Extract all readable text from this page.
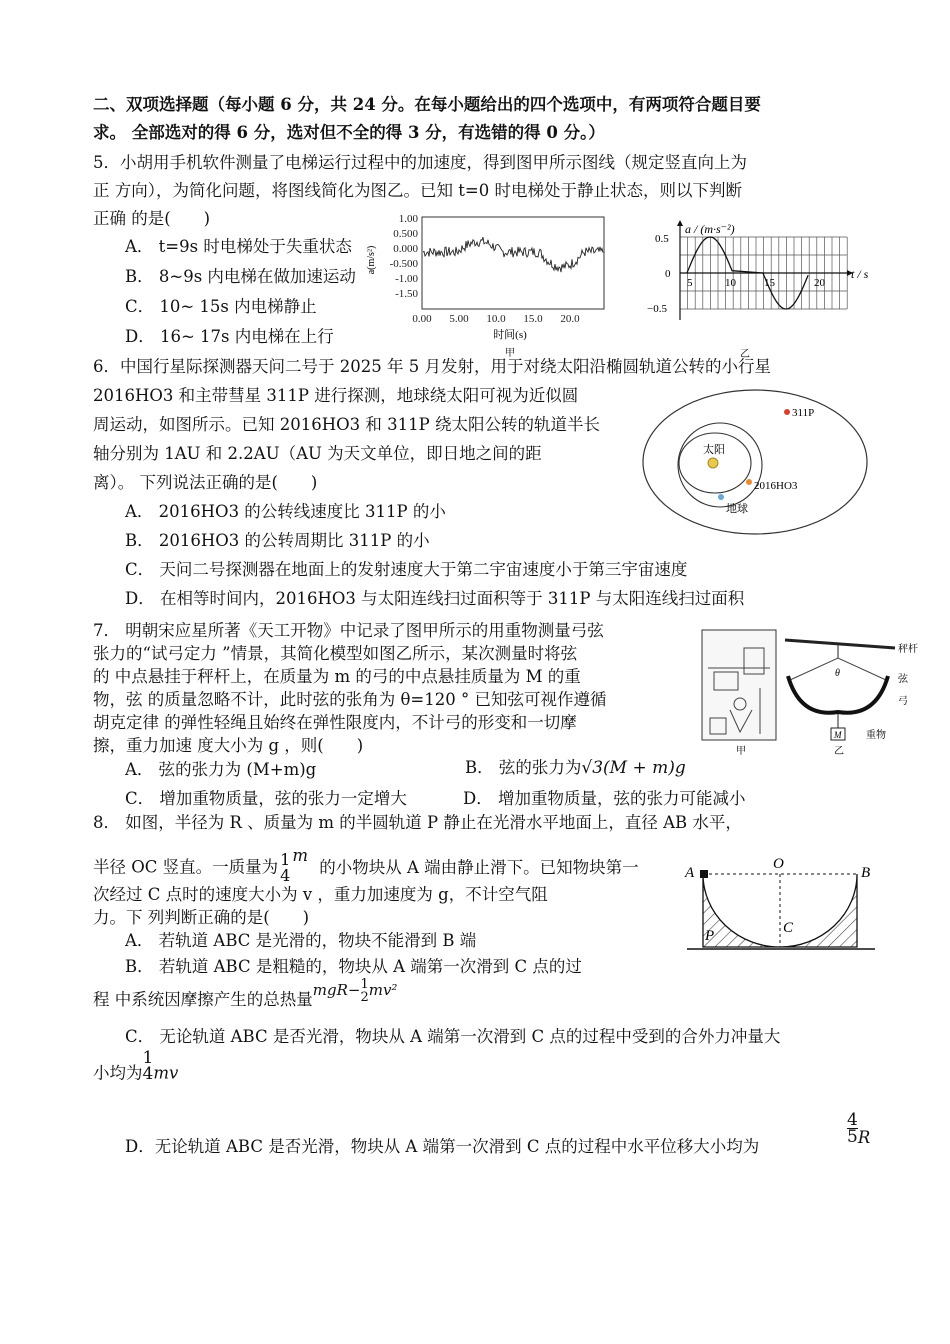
二、双项选择题（每小题 6 分，共 24 分。在每小题给出的四个选项中，有两项符合题目要
求。 全部选对的得 6 分，选对但不全的得 3 分，有选错的得 0 分。）
5．小胡用手机软件测量了电梯运行过程中的加速度，得到图甲所示图线（规定竖直向上为
正 方向），为简化问题，将图线简化为图乙。已知 t=0 时电梯处于静止状态，则以下判断
正确 的是(　　)
A． t=9s 时电梯处于失重状态
B． 8~9s 内电梯在做加速运动
C． 10~ 15s 内电梯静止
D． 16~ 17s 内电梯在上行
1.00
0.500
0.000
-0.500
-1.00
-1.50
0.00 5.00 10.0 15.0 20.0
a(m/s²)
时间(s)
甲
a / (m·s⁻²)
0.5
0
−0.5
5	10	15	20
t / s
乙
6．中国行星际探测器天问二号于 2025 年 5 月发射，用于对绕太阳沿椭圆轨道公转的小行星
2016HO3 和主带彗星 311P 进行探测，地球绕太阳可视为近似圆
周运动，如图所示。已知 2016HO3 和 311P 绕太阳公转的轨道半长
轴分别为 1AU 和 2.2AU（AU 为天文单位，即日地之间的距
离）。 下列说法正确的是(　　)
A． 2016HO3 的公转线速度比 311P 的小
B． 2016HO3 的公转周期比 311P 的小
C． 天问二号探测器在地面上的发射速度大于第二宇宙速度小于第三宇宙速度
D． 在相等时间内，2016HO3 与太阳连线扫过面积等于 311P 与太阳连线扫过面积
太阳
311P
2016HO3
地球
7． 明朝宋应星所著《天工开物》中记录了图甲所示的用重物测量弓弦
张力的“试弓定力 ”情景，其简化模型如图乙所示，某次测量时将弦
的 中点悬挂于秤杆上，在质量为 m 的弓的中点悬挂质量为 M 的重
物，弦 的质量忽略不计，此时弦的张角为 θ=120 ° 已知弦可视作遵循
胡克定律 的弹性轻绳且始终在弹性限度内，不计弓的形变和一切摩
擦，重力加速 度大小为 g ，则(　　)
A． 弦的张力为 (M+m)g	B． 弦的张力为√3(M + m)g
C． 增加重物质量，弦的张力一定增大	D． 增加重物质量，弦的张力可能减小
甲
秤杆
θ
弦
弓
M 重物
乙
8． 如图，半径为 R 、质量为 m 的半圆轨道 P 静止在光滑水平地面上，直径 AB 水平，
半径 OC 竖直。一质量为 1
4
m 的小物块从 A 端由静止滑下。已知物块第一
次经过 C 点时的速度大小为 v ，重力加速度为 g，不计空气阻
力。下 列判断正确的是(　　)
A． 若轨道 ABC 是光滑的，物块不能滑到 B 端
B． 若轨道 ABC 是粗糙的，物块从 A 端第一次滑到 C 点的过
程 中系统因摩擦产生的总热量mgR− 1
2 mv²
C． 无论轨道 ABC 是否光滑，物块从 A 端第一次滑到 C 点的过程中受到的合外力冲量大
小均为
1
4 mv
D．无论轨道 ABC 是否光滑，物块从 A 端第一次滑到 C 点的过程中水平位移大小均为
$\frac{4}{5}$ R
A	B
O
C
P
